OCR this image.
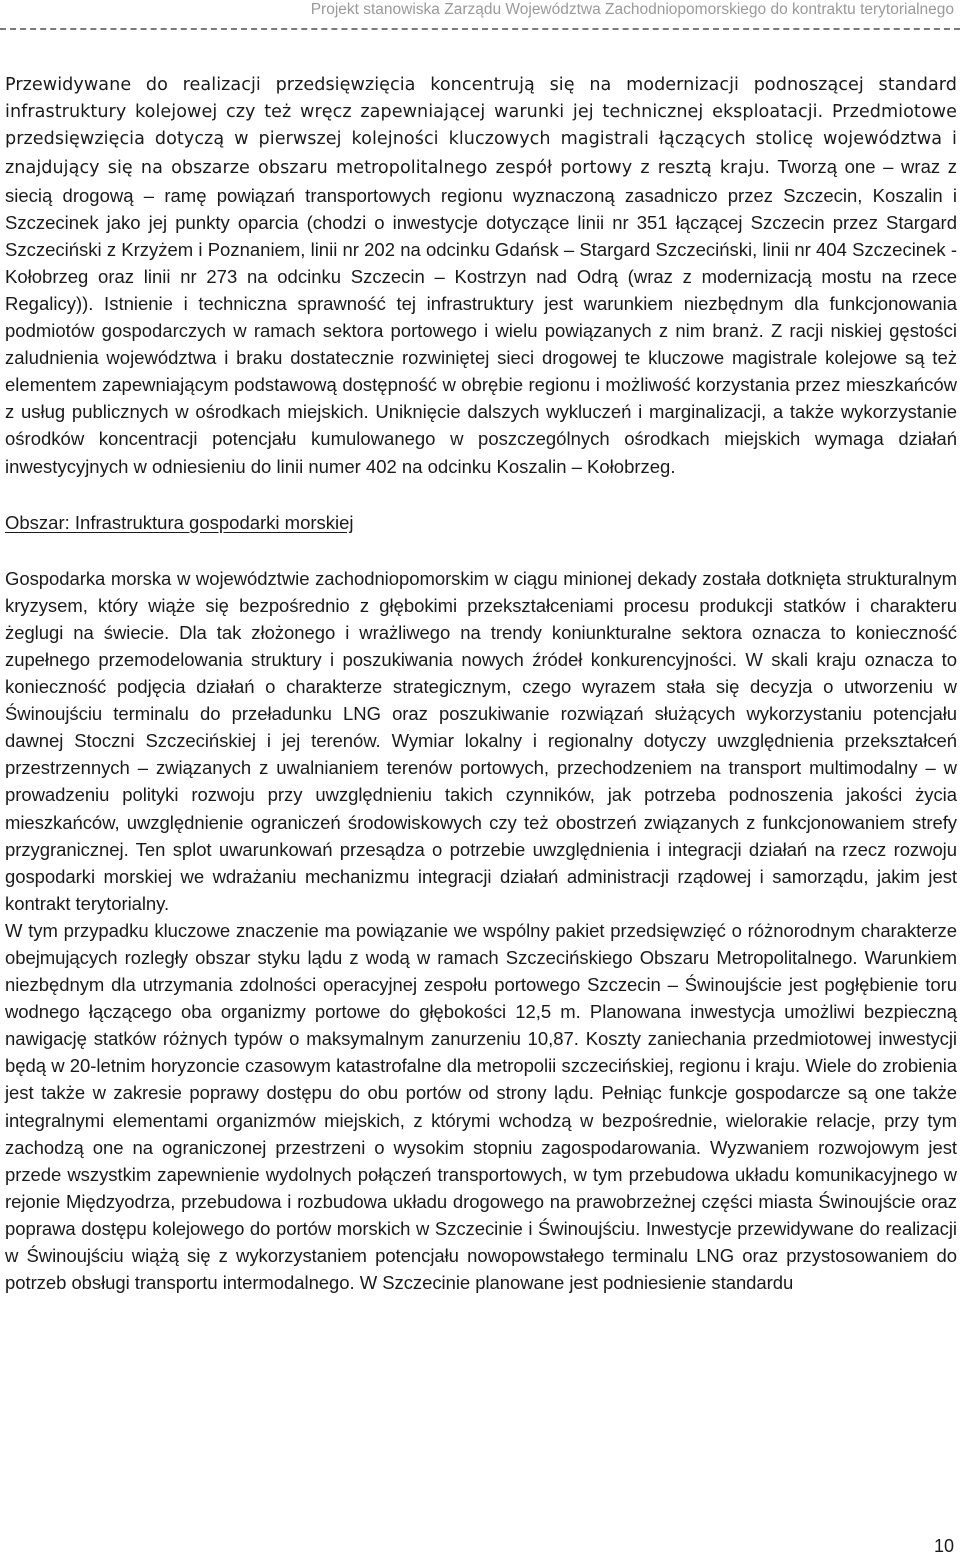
Projekt stanowiska Zarządu Województwa Zachodniopomorskiego do kontraktu terytorialnego

Przewidywane do realizacji przedsięwzięcia koncentrują się na modernizacji podnoszącej standard infrastruktury kolejowej czy też wręcz zapewniającej warunki jej technicznej eksploatacji. Przedmiotowe przedsięwzięcia dotyczą w pierwszej kolejności kluczowych magistrali łączących stolicę województwa i znajdujący się na obszarze obszaru metropolitalnego zespół portowy z resztą kraju. Tworzą one – wraz z siecią drogową – ramę powiązań transportowych regionu wyznaczoną zasadniczo przez Szczecin, Koszalin i Szczecinek jako jej punkty oparcia (chodzi o inwestycje dotyczące linii nr 351 łączącej Szczecin przez Stargard Szczeciński z Krzyżem i Poznaniem, linii nr 202 na odcinku Gdańsk – Stargard Szczeciński, linii nr 404 Szczecinek - Kołobrzeg oraz linii nr 273 na odcinku Szczecin – Kostrzyn nad Odrą (wraz z modernizacją mostu na rzece Regalicy)). Istnienie i techniczna sprawność tej infrastruktury jest warunkiem niezbędnym dla funkcjonowania podmiotów gospodarczych w ramach sektora portowego i wielu powiązanych z nim branż. Z racji niskiej gęstości zaludnienia województwa i braku dostatecznie rozwiniętej sieci drogowej te kluczowe magistrale kolejowe są też elementem zapewniającym podstawową dostępność w obrębie regionu i możliwość korzystania przez mieszkańców z usług publicznych w ośrodkach miejskich. Uniknięcie dalszych wykluczeń i marginalizacji, a także wykorzystanie ośrodków koncentracji potencjału kumulowanego w poszczególnych ośrodkach miejskich wymaga działań inwestycyjnych w odniesieniu do linii numer 402 na odcinku Koszalin – Kołobrzeg.

Obszar: Infrastruktura gospodarki morskiej

Gospodarka morska w województwie zachodniopomorskim w ciągu minionej dekady została dotknięta strukturalnym kryzysem, który wiąże się bezpośrednio z głębokimi przekształceniami procesu produkcji statków i charakteru żeglugi na świecie. Dla tak złożonego i wrażliwego na trendy koniunkturalne sektora oznacza to konieczność zupełnego przemodelowania struktury i poszukiwania nowych źródeł konkurencyjności. W skali kraju oznacza to konieczność podjęcia działań o charakterze strategicznym, czego wyrazem stała się decyzja o utworzeniu w Świnoujściu terminalu do przeładunku LNG oraz poszukiwanie rozwiązań służących wykorzystaniu potencjału dawnej Stoczni Szczecińskiej i jej terenów. Wymiar lokalny i regionalny dotyczy uwzględnienia przekształceń przestrzennych – związanych z uwalnianiem terenów portowych, przechodzeniem na transport multimodalny – w prowadzeniu polityki rozwoju przy uwzględnieniu takich czynników, jak potrzeba podnoszenia jakości życia mieszkańców, uwzględnienie ograniczeń środowiskowych czy też obostrzeń związanych z funkcjonowaniem strefy przygranicznej. Ten splot uwarunkowań przesądza o potrzebie uwzględnienia i integracji działań na rzecz rozwoju gospodarki morskiej we wdrażaniu mechanizmu integracji działań administracji rządowej i samorządu, jakim jest kontrakt terytorialny.

W tym przypadku kluczowe znaczenie ma powiązanie we wspólny pakiet przedsięwzięć o różnorodnym charakterze obejmujących rozległy obszar styku lądu z wodą w ramach Szczecińskiego Obszaru Metropolitalnego. Warunkiem niezbędnym dla utrzymania zdolności operacyjnej zespołu portowego Szczecin – Świnoujście jest pogłębienie toru wodnego łączącego oba organizmy portowe do głębokości 12,5 m. Planowana inwestycja umożliwi bezpieczną nawigację statków różnych typów o maksymalnym zanurzeniu 10,87. Koszty zaniechania przedmiotowej inwestycji będą w 20-letnim horyzoncie czasowym katastrofalne dla metropolii szczecińskiej, regionu i kraju. Wiele do zrobienia jest także w zakresie poprawy dostępu do obu portów od strony lądu. Pełniąc funkcje gospodarcze są one także integralnymi elementami organizmów miejskich, z którymi wchodzą w bezpośrednie, wielorakie relacje, przy tym zachodzą one na ograniczonej przestrzeni o wysokim stopniu zagospodarowania. Wyzwaniem rozwojowym jest przede wszystkim zapewnienie wydolnych połączeń transportowych, w tym przebudowa układu komunikacyjnego w rejonie Międzyodrza, przebudowa i rozbudowa układu drogowego na prawobrzeżnej części miasta Świnoujście oraz poprawa dostępu kolejowego do portów morskich w Szczecinie i Świnoujściu. Inwestycje przewidywane do realizacji w Świnoujściu wiążą się z wykorzystaniem potencjału nowopowstałego terminalu LNG oraz przystosowaniem do potrzeb obsługi transportu intermodalnego. W Szczecinie planowane jest podniesienie standardu

10
